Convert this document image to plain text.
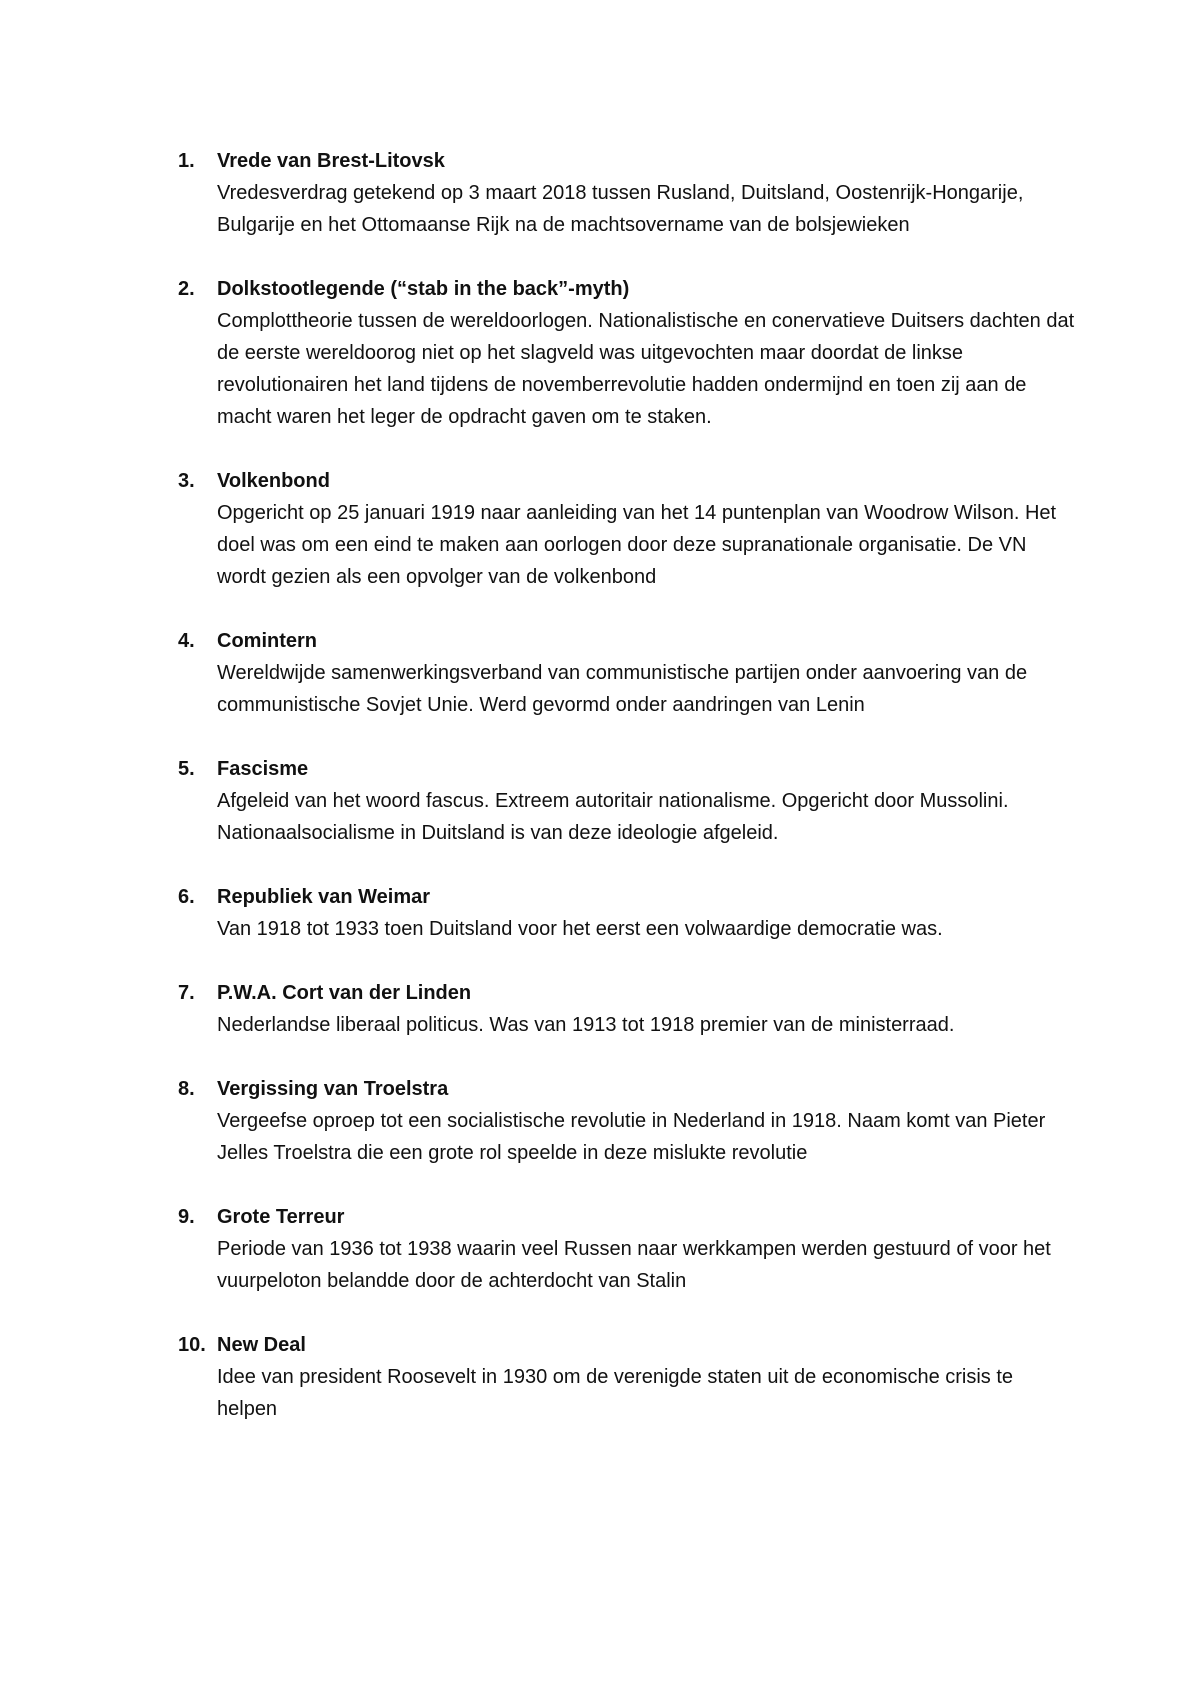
1. Vrede van Brest-Litovsk
Vredesverdrag getekend op 3 maart 2018 tussen Rusland, Duitsland, Oostenrijk-Hongarije, Bulgarije en het Ottomaanse Rijk na de machtsovername van de bolsjewieken
2. Dolkstootlegende (“stab in the back”-myth)
Complottheorie tussen de wereldoorlogen. Nationalistische en conervatieve Duitsers dachten dat de eerste wereldoorog niet op het slagveld was uitgevochten maar doordat de linkse revolutionairen het land tijdens de novemberrevolutie hadden ondermijnd en toen zij aan de macht waren het leger de opdracht gaven om te staken.
3. Volkenbond
Opgericht op 25 januari 1919 naar aanleiding van het 14 puntenplan van Woodrow Wilson. Het doel was om een eind te maken aan oorlogen door deze supranationale organisatie. De VN wordt gezien als een opvolger van de volkenbond
4. Comintern
Wereldwijde samenwerkingsverband van communistische partijen onder aanvoering van de communistische Sovjet Unie. Werd gevormd onder aandringen van Lenin
5. Fascisme
Afgeleid van het woord fascus. Extreem autoritair nationalisme. Opgericht door Mussolini. Nationaalsocialisme in Duitsland is van deze ideologie afgeleid.
6. Republiek van Weimar
Van 1918 tot 1933 toen Duitsland voor het eerst een volwaardige democratie was.
7. P.W.A. Cort van der Linden
Nederlandse liberaal politicus. Was van 1913 tot 1918 premier van de ministerraad.
8. Vergissing van Troelstra
Vergeefse oproep tot een socialistische revolutie in Nederland in 1918. Naam komt van Pieter Jelles Troelstra die een grote rol speelde in deze mislukte revolutie
9. Grote Terreur
Periode van 1936 tot 1938 waarin veel Russen naar werkkampen werden gestuurd of voor het vuurpeloton belandde door de achterdocht van Stalin
10. New Deal
Idee van president Roosevelt in 1930 om de verenigde staten uit de economische crisis te helpen
